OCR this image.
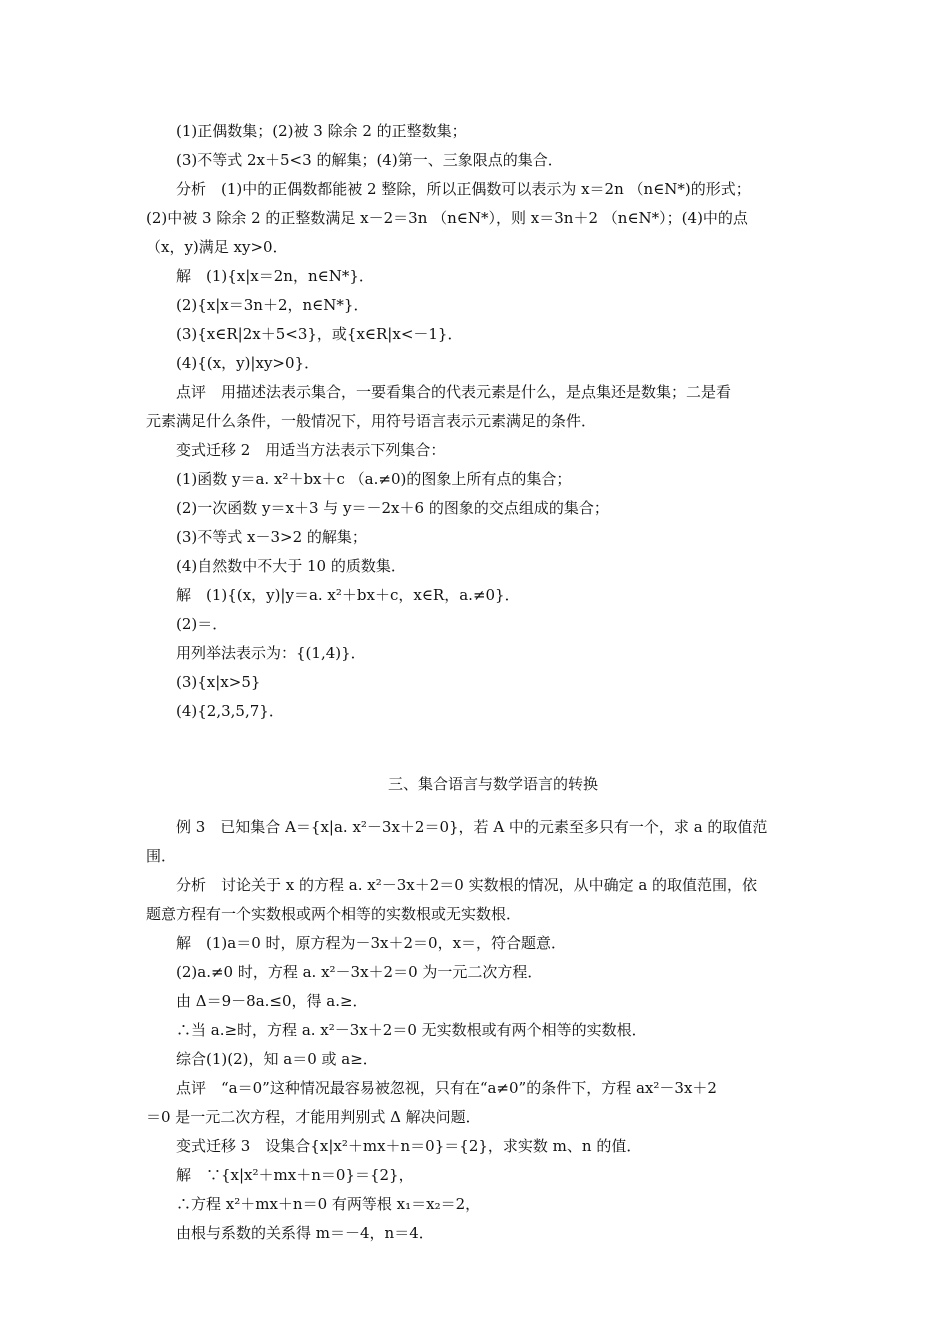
(1)正偶数集；(2)被 3 除余 2 的正整数集；
(3)不等式 2x＋5<3 的解集；(4)第一、三象限点的集合．
分析　(1)中的正偶数都能被 2 整除，所以正偶数可以表示为 x＝2n （n∈N*)的形式；
(2)中被 3 除余 2 的正整数满足 x－2＝3n （n∈N*），则 x＝3n＋2 （n∈N*）；(4)中的点
（x，y)满足 xy>0．
解　(1){x|x＝2n，n∈N*}．
(2){x|x＝3n＋2，n∈N*}．
(3){x∈R|2x＋5<3}，或{x∈R|x<－1}．
(4){(x，y)|xy>0}．
点评　用描述法表示集合，一要看集合的代表元素是什么，是点集还是数集；二是看
元素满足什么条件，一般情况下，用符号语言表示元素满足的条件．
变式迁移 2　用适当方法表示下列集合：
(1)函数 y＝a. x²＋bx＋c （a.≠0)的图象上所有点的集合；
(2)一次函数 y＝x＋3 与 y＝－2x＋6 的图象的交点组成的集合；
(3)不等式 x－3>2 的解集；
(4)自然数中不大于 10 的质数集．
解　(1){(x，y)|y＝a. x²＋bx＋c，x∈R，a.≠0}．
(2)＝．
用列举法表示为：{(1,4)}．
(3){x|x>5}
(4){2,3,5,7}．
三、集合语言与数学语言的转换
例 3　已知集合 A＝{x|a. x²－3x＋2＝0}，若 A 中的元素至多只有一个，求 a 的取值范
围．
分析　讨论关于 x 的方程 a. x²－3x＋2＝0 实数根的情况，从中确定 a 的取值范围，依
题意方程有一个实数根或两个相等的实数根或无实数根．
解　(1)a＝0 时，原方程为－3x＋2＝0，x＝，符合题意．
(2)a.≠0 时，方程 a. x²－3x＋2＝0 为一元二次方程．
由 Δ＝9－8a.≤0，得 a.≥．
∴当 a.≥时，方程 a. x²－3x＋2＝0 无实数根或有两个相等的实数根．
综合(1)(2)，知 a＝0 或 a≥．
点评　“a＝0”这种情况最容易被忽视，只有在“a≠0”的条件下，方程 ax²－3x＋2
＝0 是一元二次方程，才能用判别式 Δ 解决问题．
变式迁移 3　设集合{x|x²＋mx＋n＝0}＝{2}，求实数 m、n 的值．
解　∵{x|x²＋mx＋n＝0}＝{2}，
∴方程 x²＋mx＋n＝0 有两等根 x₁＝x₂＝2，
由根与系数的关系得 m＝－4，n＝4．
